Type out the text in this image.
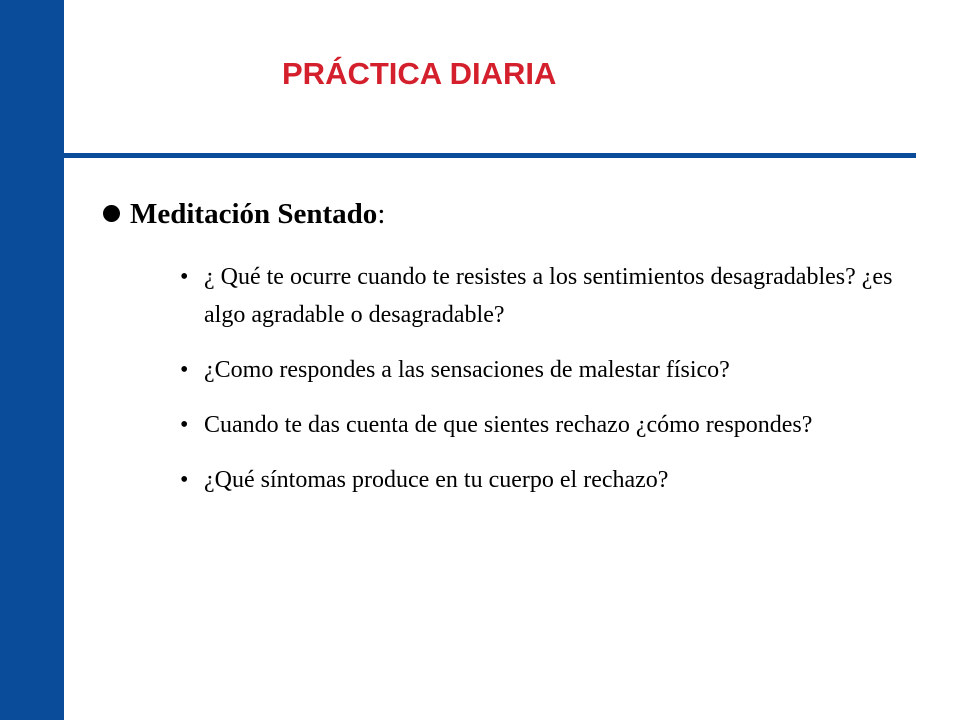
PRÁCTICA DIARIA
Meditación Sentado:
• ¿ Qué te ocurre cuando te resistes a los sentimientos desagradables? ¿es algo agradable o desagradable?
• ¿Como respondes a las sensaciones de malestar físico?
• Cuando te das cuenta de que sientes rechazo ¿cómo respondes?
• ¿Qué síntomas produce en tu cuerpo el rechazo?
